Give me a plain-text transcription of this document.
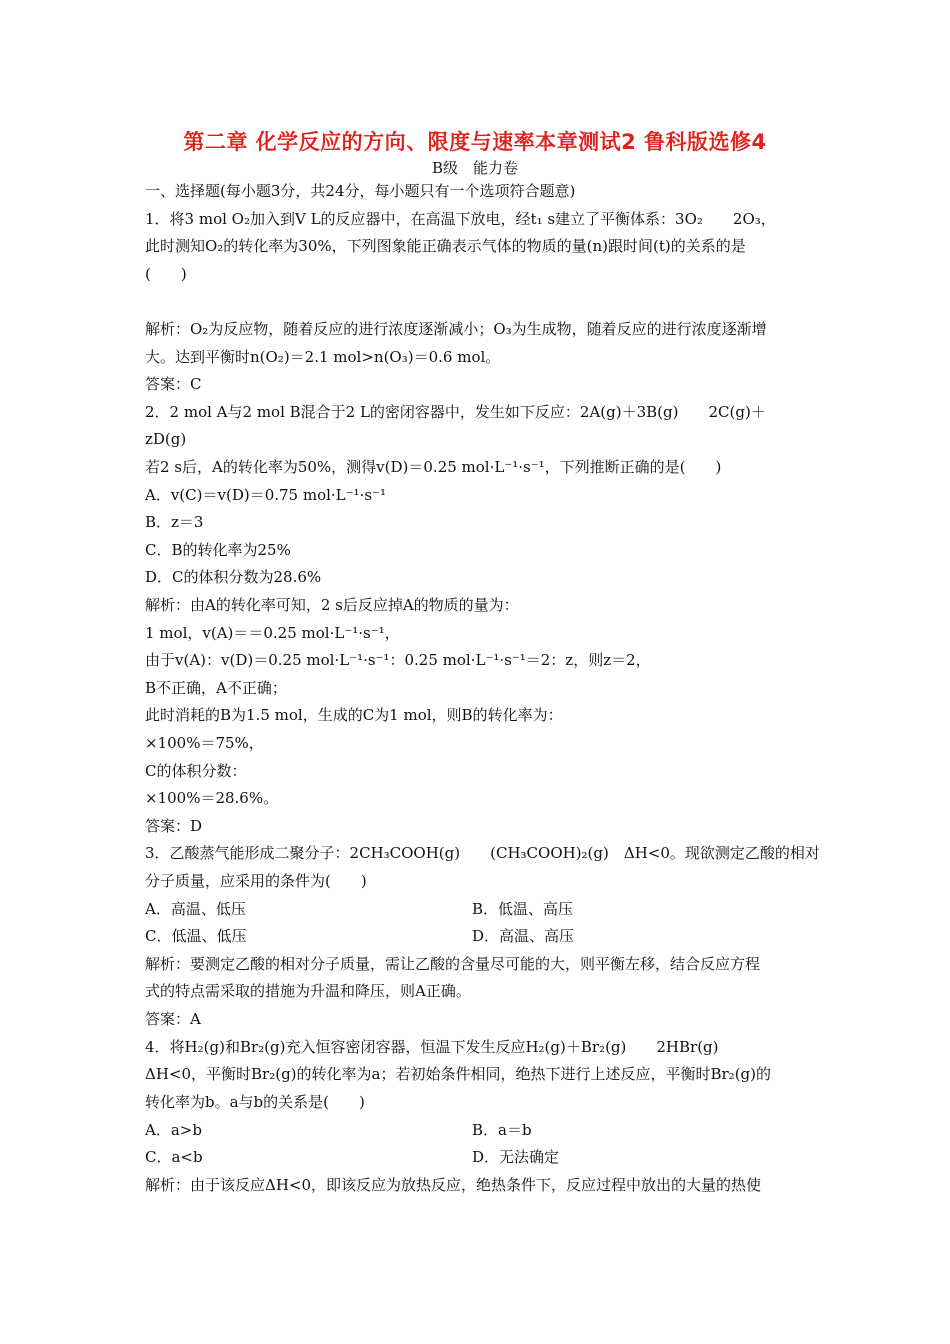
第二章 化学反应的方向、限度与速率本章测试2 鲁科版选修4
B级　能力卷
一、选择题(每小题3分，共24分，每小题只有一个选项符合题意)
1．将3 mol O₂加入到V L的反应器中，在高温下放电，经t₁ s建立了平衡体系：3O₂　　2O₃，
此时测知O₂的转化率为30%，下列图象能正确表示气体的物质的量(n)跟时间(t)的关系的是
(　　)
解析：O₂为反应物，随着反应的进行浓度逐渐减小；O₃为生成物，随着反应的进行浓度逐渐增
大。达到平衡时n(O₂)＝2.1 mol>n(O₃)＝0.6 mol。
答案：C
2．2 mol A与2 mol B混合于2 L的密闭容器中，发生如下反应：2A(g)＋3B(g)　　2C(g)＋
zD(g)
若2 s后，A的转化率为50%，测得v(D)＝0.25 mol·L⁻¹·s⁻¹，下列推断正确的是(　　)
A．v(C)＝v(D)＝0.75 mol·L⁻¹·s⁻¹
B．z＝3
C．B的转化率为25%
D．C的体积分数为28.6%
解析：由A的转化率可知，2 s后反应掉A的物质的量为：
1 mol，v(A)＝＝0.25 mol·L⁻¹·s⁻¹，
由于v(A)：v(D)＝0.25 mol·L⁻¹·s⁻¹：0.25 mol·L⁻¹·s⁻¹＝2：z，则z＝2，
B不正确，A不正确；
此时消耗的B为1.5 mol，生成的C为1 mol，则B的转化率为：
×100%＝75%，
C的体积分数：
×100%＝28.6%。
答案：D
3．乙酸蒸气能形成二聚分子：2CH₃COOH(g)　　(CH₃COOH)₂(g)　ΔH<0。现欲测定乙酸的相对
分子质量，应采用的条件为(　　)
A．高温、低压	B．低温、高压
C．低温、低压	D．高温、高压
解析：要测定乙酸的相对分子质量，需让乙酸的含量尽可能的大，则平衡左移，结合反应方程
式的特点需采取的措施为升温和降压，则A正确。
答案：A
4．将H₂(g)和Br₂(g)充入恒容密闭容器，恒温下发生反应H₂(g)＋Br₂(g)　　2HBr(g)
ΔH<0，平衡时Br₂(g)的转化率为a；若初始条件相同，绝热下进行上述反应，平衡时Br₂(g)的
转化率为b。a与b的关系是(　　)
A．a>b	B．a＝b
C．a<b	D．无法确定
解析：由于该反应ΔH<0，即该反应为放热反应，绝热条件下，反应过程中放出的大量的热使
